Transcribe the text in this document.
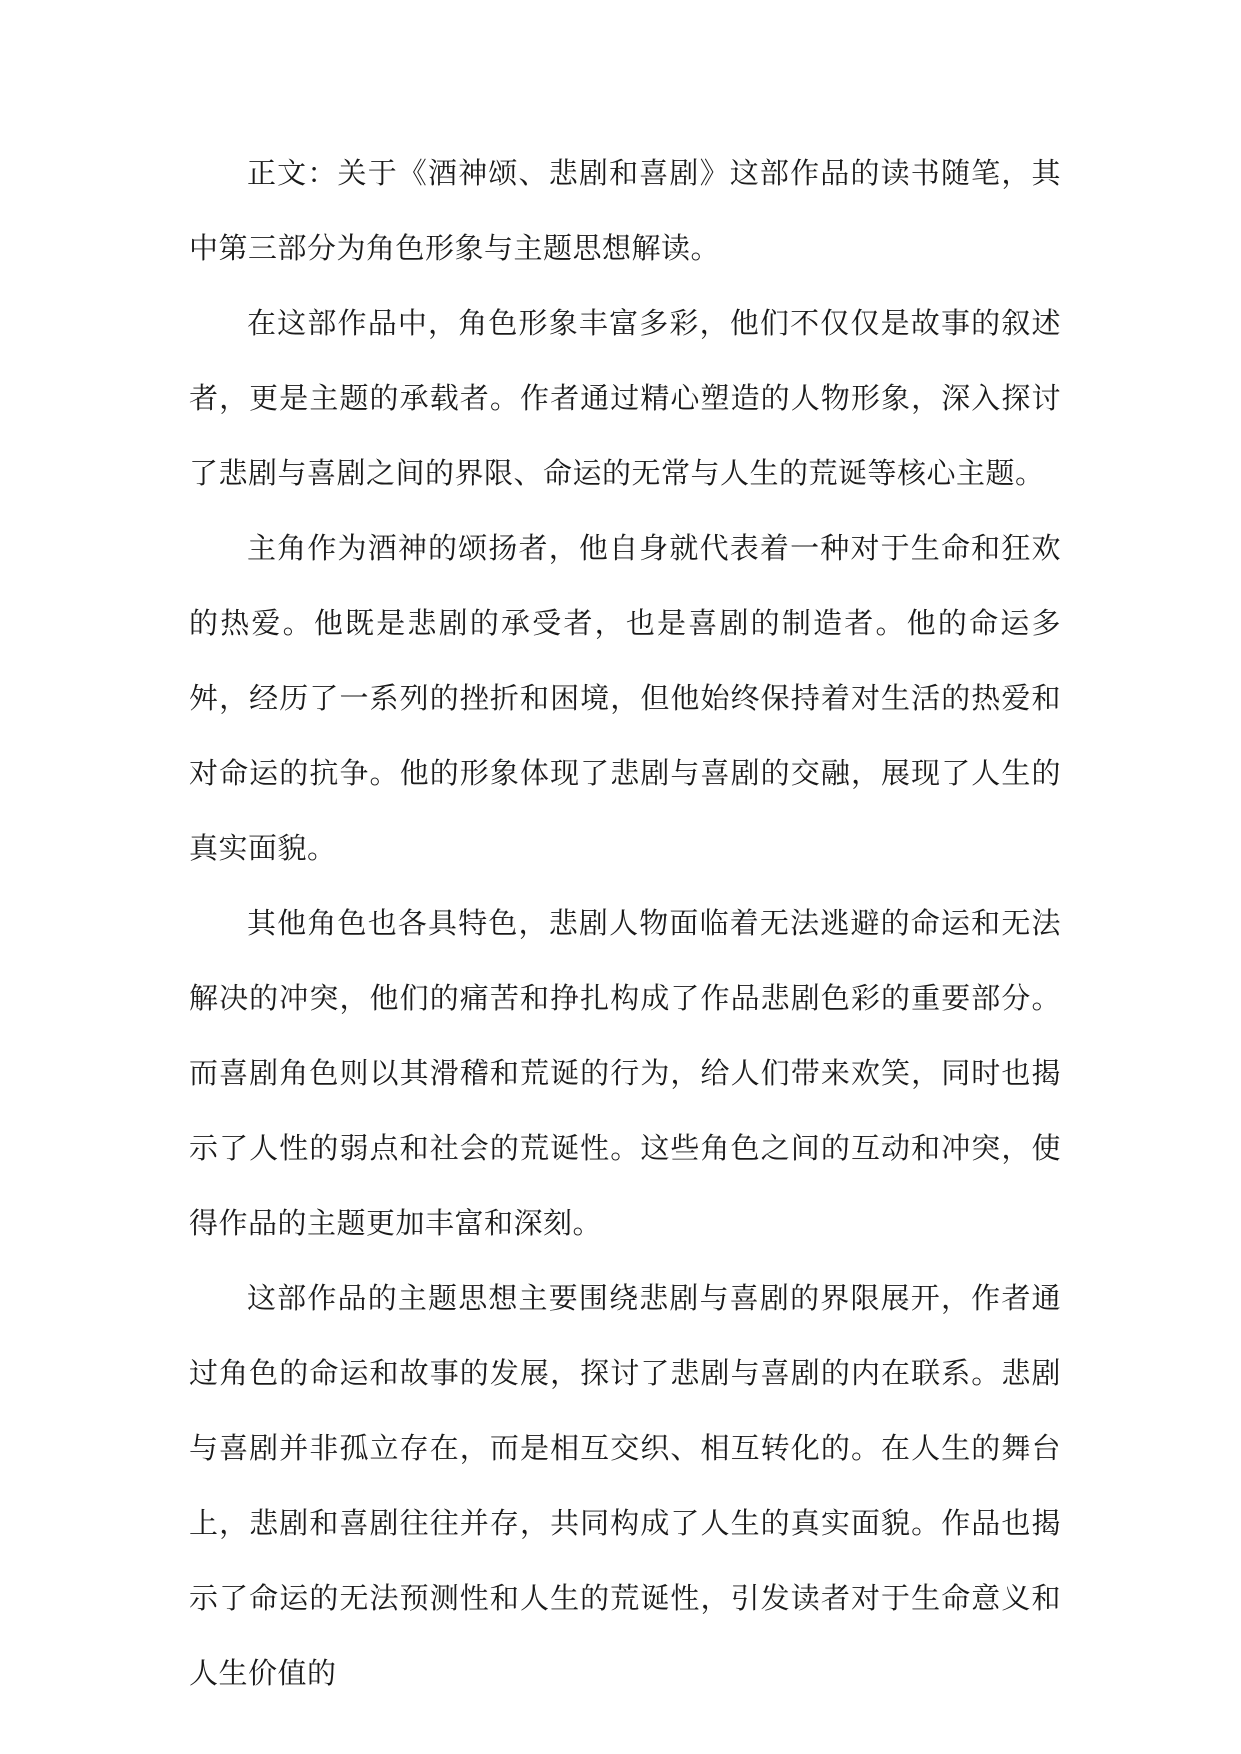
正文：关于《酒神颂、悲剧和喜剧》这部作品的读书随笔，其中第三部分为角色形象与主题思想解读。

在这部作品中，角色形象丰富多彩，他们不仅仅是故事的叙述者，更是主题的承载者。作者通过精心塑造的人物形象，深入探讨了悲剧与喜剧之间的界限、命运的无常与人生的荒诞等核心主题。

主角作为酒神的颂扬者，他自身就代表着一种对于生命和狂欢的热爱。他既是悲剧的承受者，也是喜剧的制造者。他的命运多舛，经历了一系列的挫折和困境，但他始终保持着对生活的热爱和对命运的抗争。他的形象体现了悲剧与喜剧的交融，展现了人生的真实面貌。

其他角色也各具特色，悲剧人物面临着无法逃避的命运和无法解决的冲突，他们的痛苦和挣扎构成了作品悲剧色彩的重要部分。而喜剧角色则以其滑稽和荒诞的行为，给人们带来欢笑，同时也揭示了人性的弱点和社会的荒诞性。这些角色之间的互动和冲突，使得作品的主题更加丰富和深刻。

这部作品的主题思想主要围绕悲剧与喜剧的界限展开，作者通过角色的命运和故事的发展，探讨了悲剧与喜剧的内在联系。悲剧与喜剧并非孤立存在，而是相互交织、相互转化的。在人生的舞台上，悲剧和喜剧往往并存，共同构成了人生的真实面貌。作品也揭示了命运的无法预测性和人生的荒诞性，引发读者对于生命意义和人生价值的
